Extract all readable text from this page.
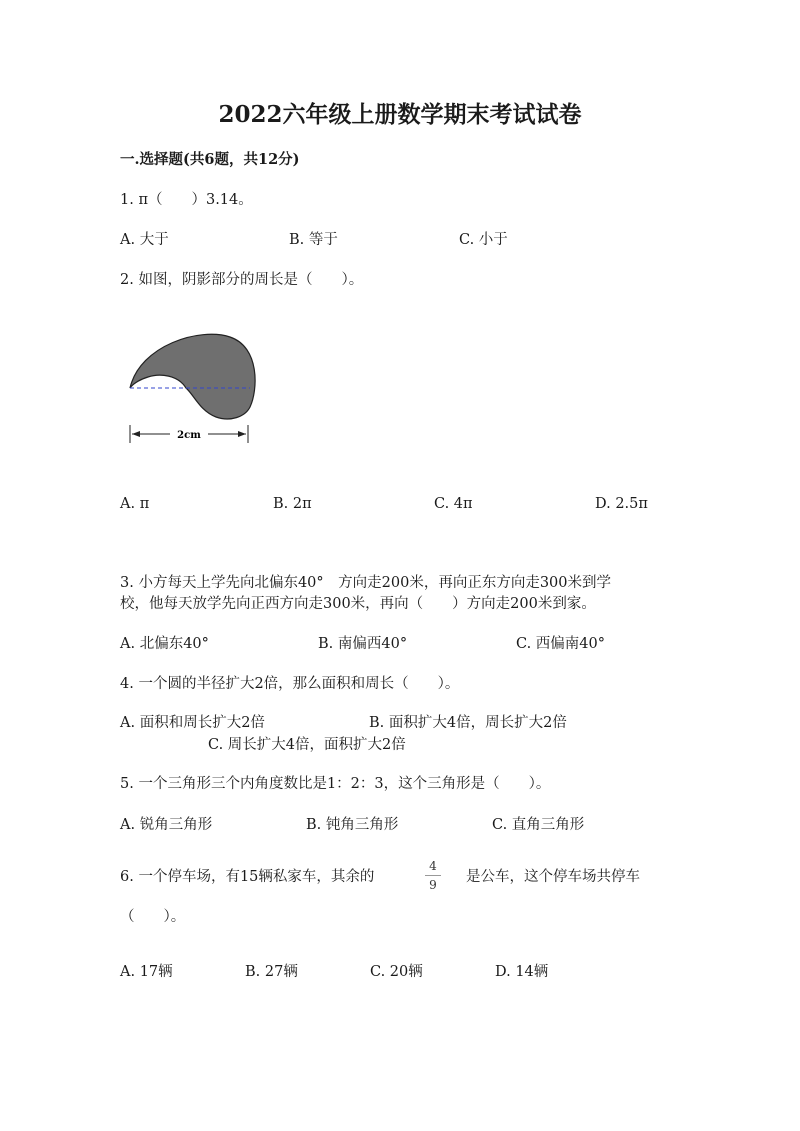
2022六年级上册数学期末考试试卷
一.选择题(共6题，共12分)
1. π（　　）3.14。
A. 大于	B. 等于	C. 小于
2. 如图，阴影部分的周长是（　　）。
2cm
A. π	B. 2π	C. 4π	D. 2.5π
3. 小方每天上学先向北偏东40°　方向走200米，再向正东方向走300米到学
校，他每天放学先向正西方向走300米，再向（　　）方向走200米到家。
A. 北偏东40°	B. 南偏西40°	C. 西偏南40°
4. 一个圆的半径扩大2倍，那么面积和周长（　　）。
A. 面积和周长扩大2倍	B. 面积扩大4倍，周长扩大2倍
C. 周长扩大4倍，面积扩大2倍
5. 一个三角形三个内角度数比是1：2：3，这个三角形是（　　）。
A. 锐角三角形	B. 钝角三角形	C. 直角三角形
6. 一个停车场，有15辆私家车，其余的
4
9 是公车，这个停车场共停车
（　　）。
A. 17辆	B. 27辆	C. 20辆	D. 14辆
